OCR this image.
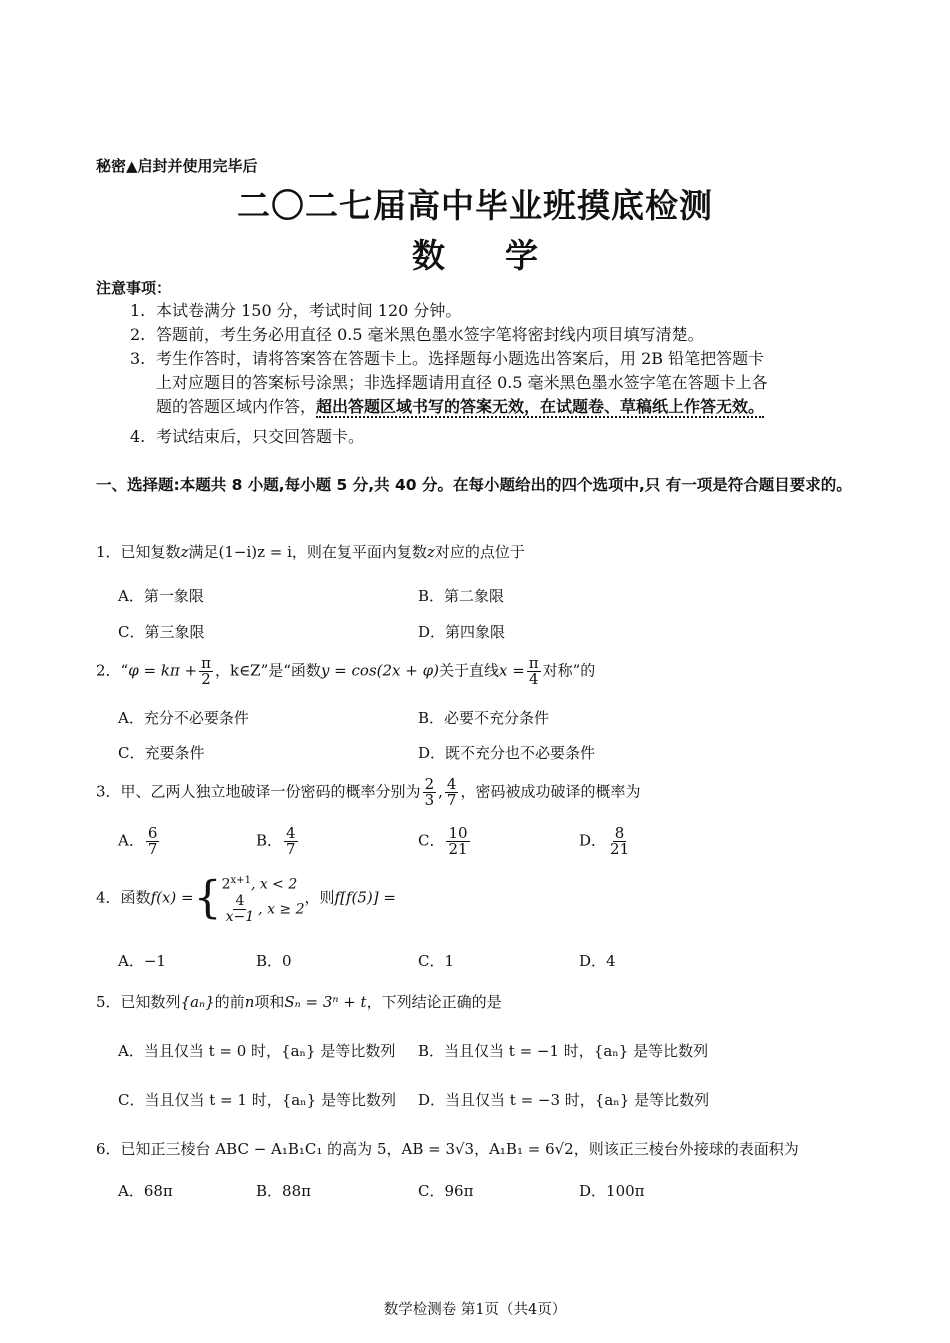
秘密▲启封并使用完毕后
二〇二七届高中毕业班摸底检测
数学
注意事项：
1. 本试卷满分 150 分，考试时间 120 分钟。
2. 答题前，考生务必用直径 0.5 毫米黑色墨水签字笔将密封线内项目填写清楚。
3. 考生作答时，请将答案答在答题卡上。选择题每小题选出答案后，用 2B 铅笔把答题卡
上对应题目的答案标号涂黑；非选择题请用直径 0.5 毫米黑色墨水签字笔在答题卡上各
题的答题区域内作答，超出答题区域书写的答案无效，在试题卷、草稿纸上作答无效。
4. 考试结束后，只交回答题卡。
一、选择题:本题共 8 小题,每小题 5 分,共 40 分。在每小题给出的四个选项中,只 有一项是符合题目要求的。
1．已知复数z满足(1−i)z = i，则在复平面内复数z对应的点位于
A．第一象限	B．第二象限
C．第三象限	D．第四象限
2．“$\varphi = k\pi + \frac{\pi}{2}$ ，k∈Z”是“函数y = cos(2x + φ)关于直线$x = \frac{\pi}{4}$ 对称”的
A．充分不必要条件	B．必要不充分条件
C．充要条件	D．既不充分也不必要条件
3．甲、乙两人独立地破译一份密码的概率分别为 $\frac{2}{3}$ , $\frac{4}{7}$ ，密码被成功破译的概率为
A． $\frac{6}{7}$	B． $\frac{4}{7}$	C． $\frac{10}{21}$	D． $\frac{8}{21}$
4．函数f(x) ={ $2^{x+1}$, x < 2
$\frac{4}{x-1}$ , x ≥ 2
，则f[f(5)] =
A．−1	B．0	C．1	D．4
5．已知数列{aₙ}的前n项和Sₙ = 3ⁿ + t，下列结论正确的是
A．当且仅当 t = 0 时，{aₙ} 是等比数列 B．当且仅当 t = −1 时，{aₙ} 是等比数列
C．当且仅当 t = 1 时，{aₙ} 是等比数列 D．当且仅当 t = −3 时，{aₙ} 是等比数列
6．已知正三棱台 ABC − A₁B₁C₁ 的高为 5，AB = 3√3，A₁B₁ = 6√2，则该正三棱台外接球的表面积为
A．68π	B．88π	C．96π	D．100π
数学检测卷 第1页（共4页）
